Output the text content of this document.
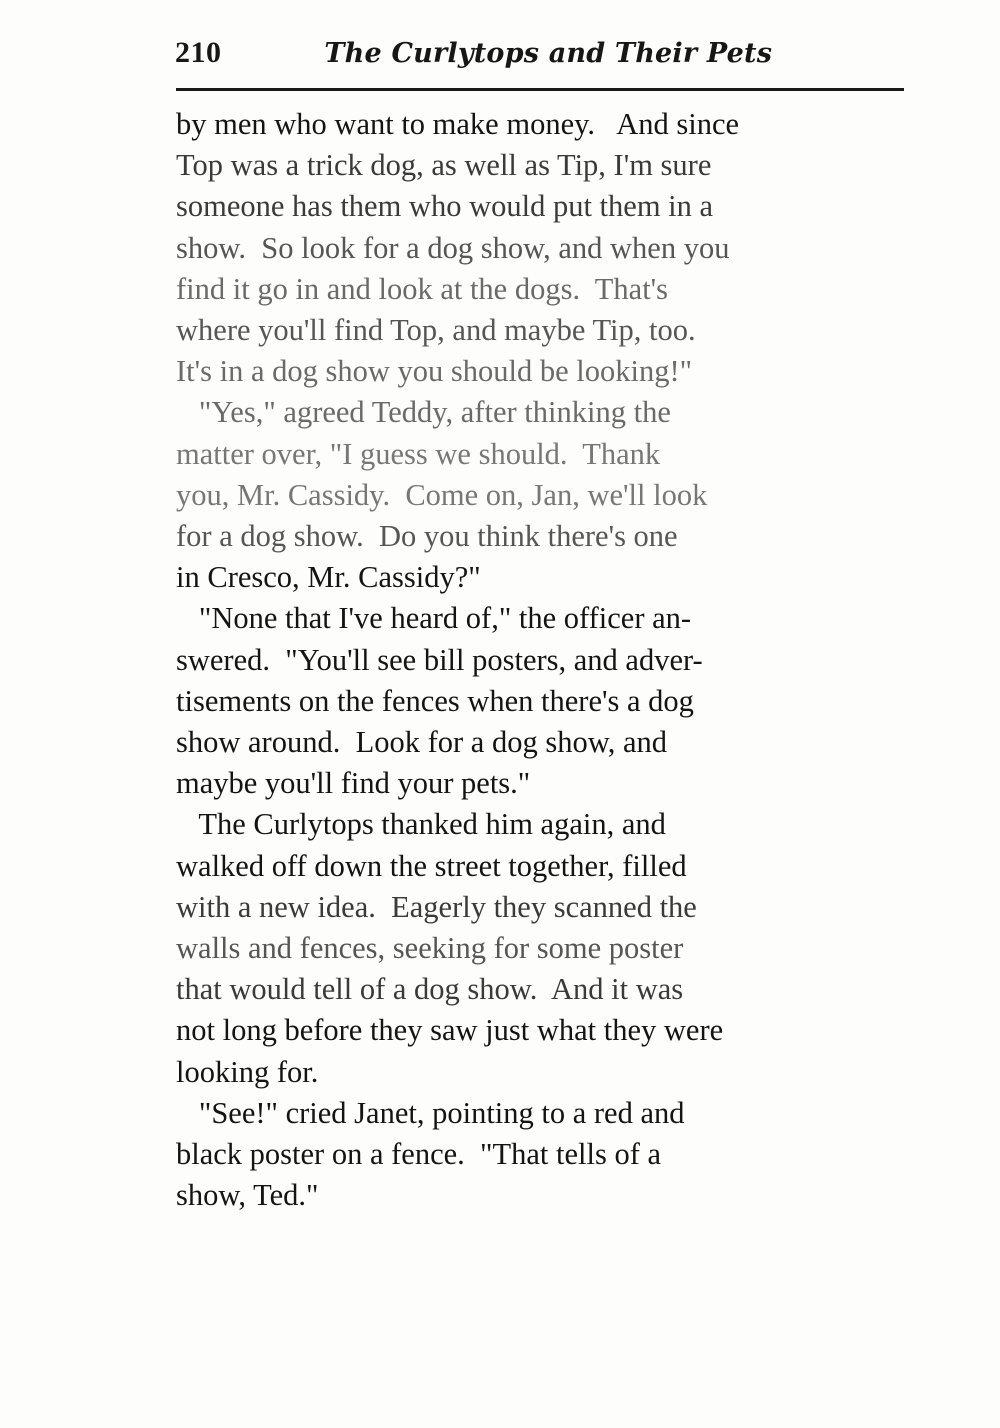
210	The Curlytops and Their Pets
by men who want to make money.   And since
Top was a trick dog, as well as Tip, I'm sure
someone has them who would put them in a
show.  So look for a dog show, and when you
find it go in and look at the dogs.  That's
where you'll find Top, and maybe Tip, too.
It's in a dog show you should be looking!"
"Yes," agreed Teddy, after thinking the
matter over, "I guess we should.  Thank
you, Mr. Cassidy.  Come on, Jan, we'll look
for a dog show.  Do you think there's one
in Cresco, Mr. Cassidy?"
"None that I've heard of," the officer an-
swered.  "You'll see bill posters, and adver-
tisements on the fences when there's a dog
show around.  Look for a dog show, and
maybe you'll find your pets."
The Curlytops thanked him again, and
walked off down the street together, filled
with a new idea.  Eagerly they scanned the
walls and fences, seeking for some poster
that would tell of a dog show.  And it was
not long before they saw just what they were
looking for.
"See!" cried Janet, pointing to a red and
black poster on a fence.  "That tells of a
show, Ted."
